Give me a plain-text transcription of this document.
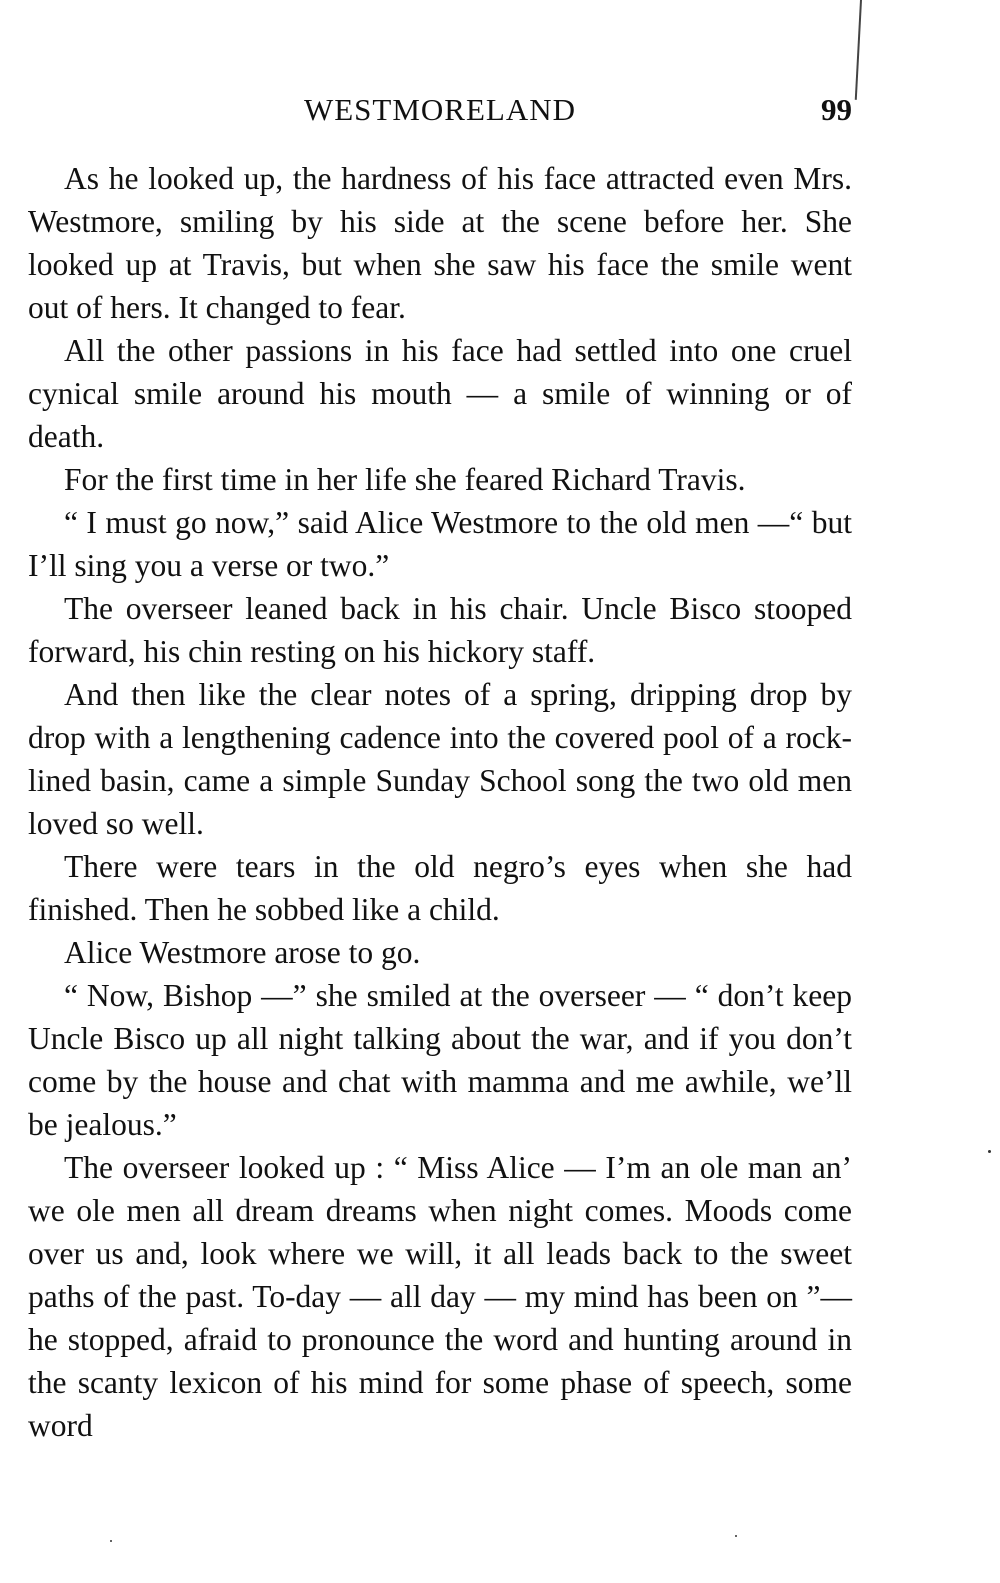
WESTMORELAND	99

As he looked up, the hardness of his face attracted even Mrs. Westmore, smiling by his side at the scene before her. She looked up at Travis, but when she saw his face the smile went out of hers. It changed to fear.

All the other passions in his face had settled into one cruel cynical smile around his mouth — a smile of winning or of death.

For the first time in her life she feared Richard Travis.

“ I must go now,” said Alice Westmore to the old men —“ but I’ll sing you a verse or two.”

The overseer leaned back in his chair. Uncle Bisco stooped forward, his chin resting on his hickory staff.

And then like the clear notes of a spring, dripping drop by drop with a lengthening cadence into the covered pool of a rock-lined basin, came a simple Sunday School song the two old men loved so well.

There were tears in the old negro’s eyes when she had finished. Then he sobbed like a child.

Alice Westmore arose to go.

“ Now, Bishop —” she smiled at the overseer — “ don’t keep Uncle Bisco up all night talking about the war, and if you don’t come by the house and chat with mamma and me awhile, we’ll be jealous.”

The overseer looked up : “ Miss Alice — I’m an ole man an’ we ole men all dream dreams when night comes. Moods come over us and, look where we will, it all leads back to the sweet paths of the past. To-day — all day — my mind has been on ”— he stopped, afraid to pronounce the word and hunting around in the scanty lexicon of his mind for some phase of speech, some word
